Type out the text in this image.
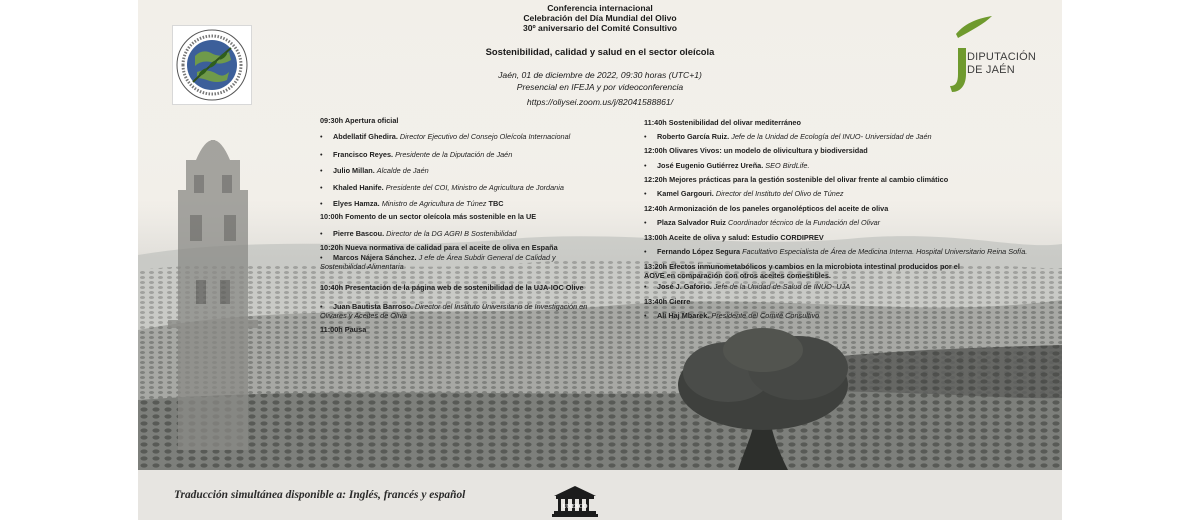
Conferencia internacional
Celebración del Día Mundial del Olivo
30º aniversario del Comité Consultivo
Sostenibilidad, calidad y salud en el sector oleícola
Jaén, 01 de diciembre de 2022, 09:30 horas (UTC+1)
Presencial en IFEJA y por videoconferencia
https://oliysei.zoom.us/j/82041588861/
DIPUTACIÓN
DE JAÉN
09:30h Apertura oficial
• Abdellatif Ghedira. Director Ejecutivo del Consejo Oleícola Internacional
• Francisco Reyes. Presidente de la Diputación de Jaén
• Julio Millan. Alcalde de Jaén
• Khaled Hanife. Presidente del COI, Ministro de Agricultura de Jordania
• Elyes Hamza. Ministro de Agricultura de Túnez TBC
10:00h Fomento de un sector oleícola más sostenible en la UE
• Pierre Bascou. Director de la DG AGRI B Sostenibilidad
10:20h Nueva normativa de calidad para el aceite de oliva en España
• Marcos Nájera Sánchez. J efe de Área Subdir General de Calidad y
Sostenibilidad Alimentaria
10:40h Presentación de la página web de sostenibilidad de la UJA-IOC Olive
• Juan Bautista Barroso. Director del Instituto Universitario de Investigación en
Olivares y Aceites de Oliva
11:00h Pausa
11:40h Sostenibilidad del olivar mediterráneo
• Roberto García Ruiz. Jefe de la Unidad de Ecología del INUO- Universidad de Jaén
12:00h Olivares Vivos: un modelo de olivicultura y biodiversidad
• José Eugenio Gutiérrez Ureña. SEO BirdLife.
12:20h Mejores prácticas para la gestión sostenible del olivar frente al cambio climático
• Kamel Gargouri. Director del Instituto del Olivo de Túnez
12:40h Armonización de los paneles organolépticos del aceite de oliva
• Plaza Salvador Ruiz Coordinador técnico de la Fundación del Olivar
13:00h Aceite de oliva y salud: Estudio CORDIPREV
• Fernando López Segura Facultativo Especialista de Área de Medicina Interna. Hospital Universitario Reina Sofía.
13:20h Efectos inmunometabólicos y cambios en la microbiota intestinal producidos por el
AOVE en comparación con otros aceites comestibles.
• José J. Gaforio. Jefe de la Unidad de Salud de INUO- UJA
13:40h Cierre
• Ali Haj Mbarek. Presidente del Comité Consultivo
Traducción simultánea disponible a: Inglés, francés y español
UNESCO
